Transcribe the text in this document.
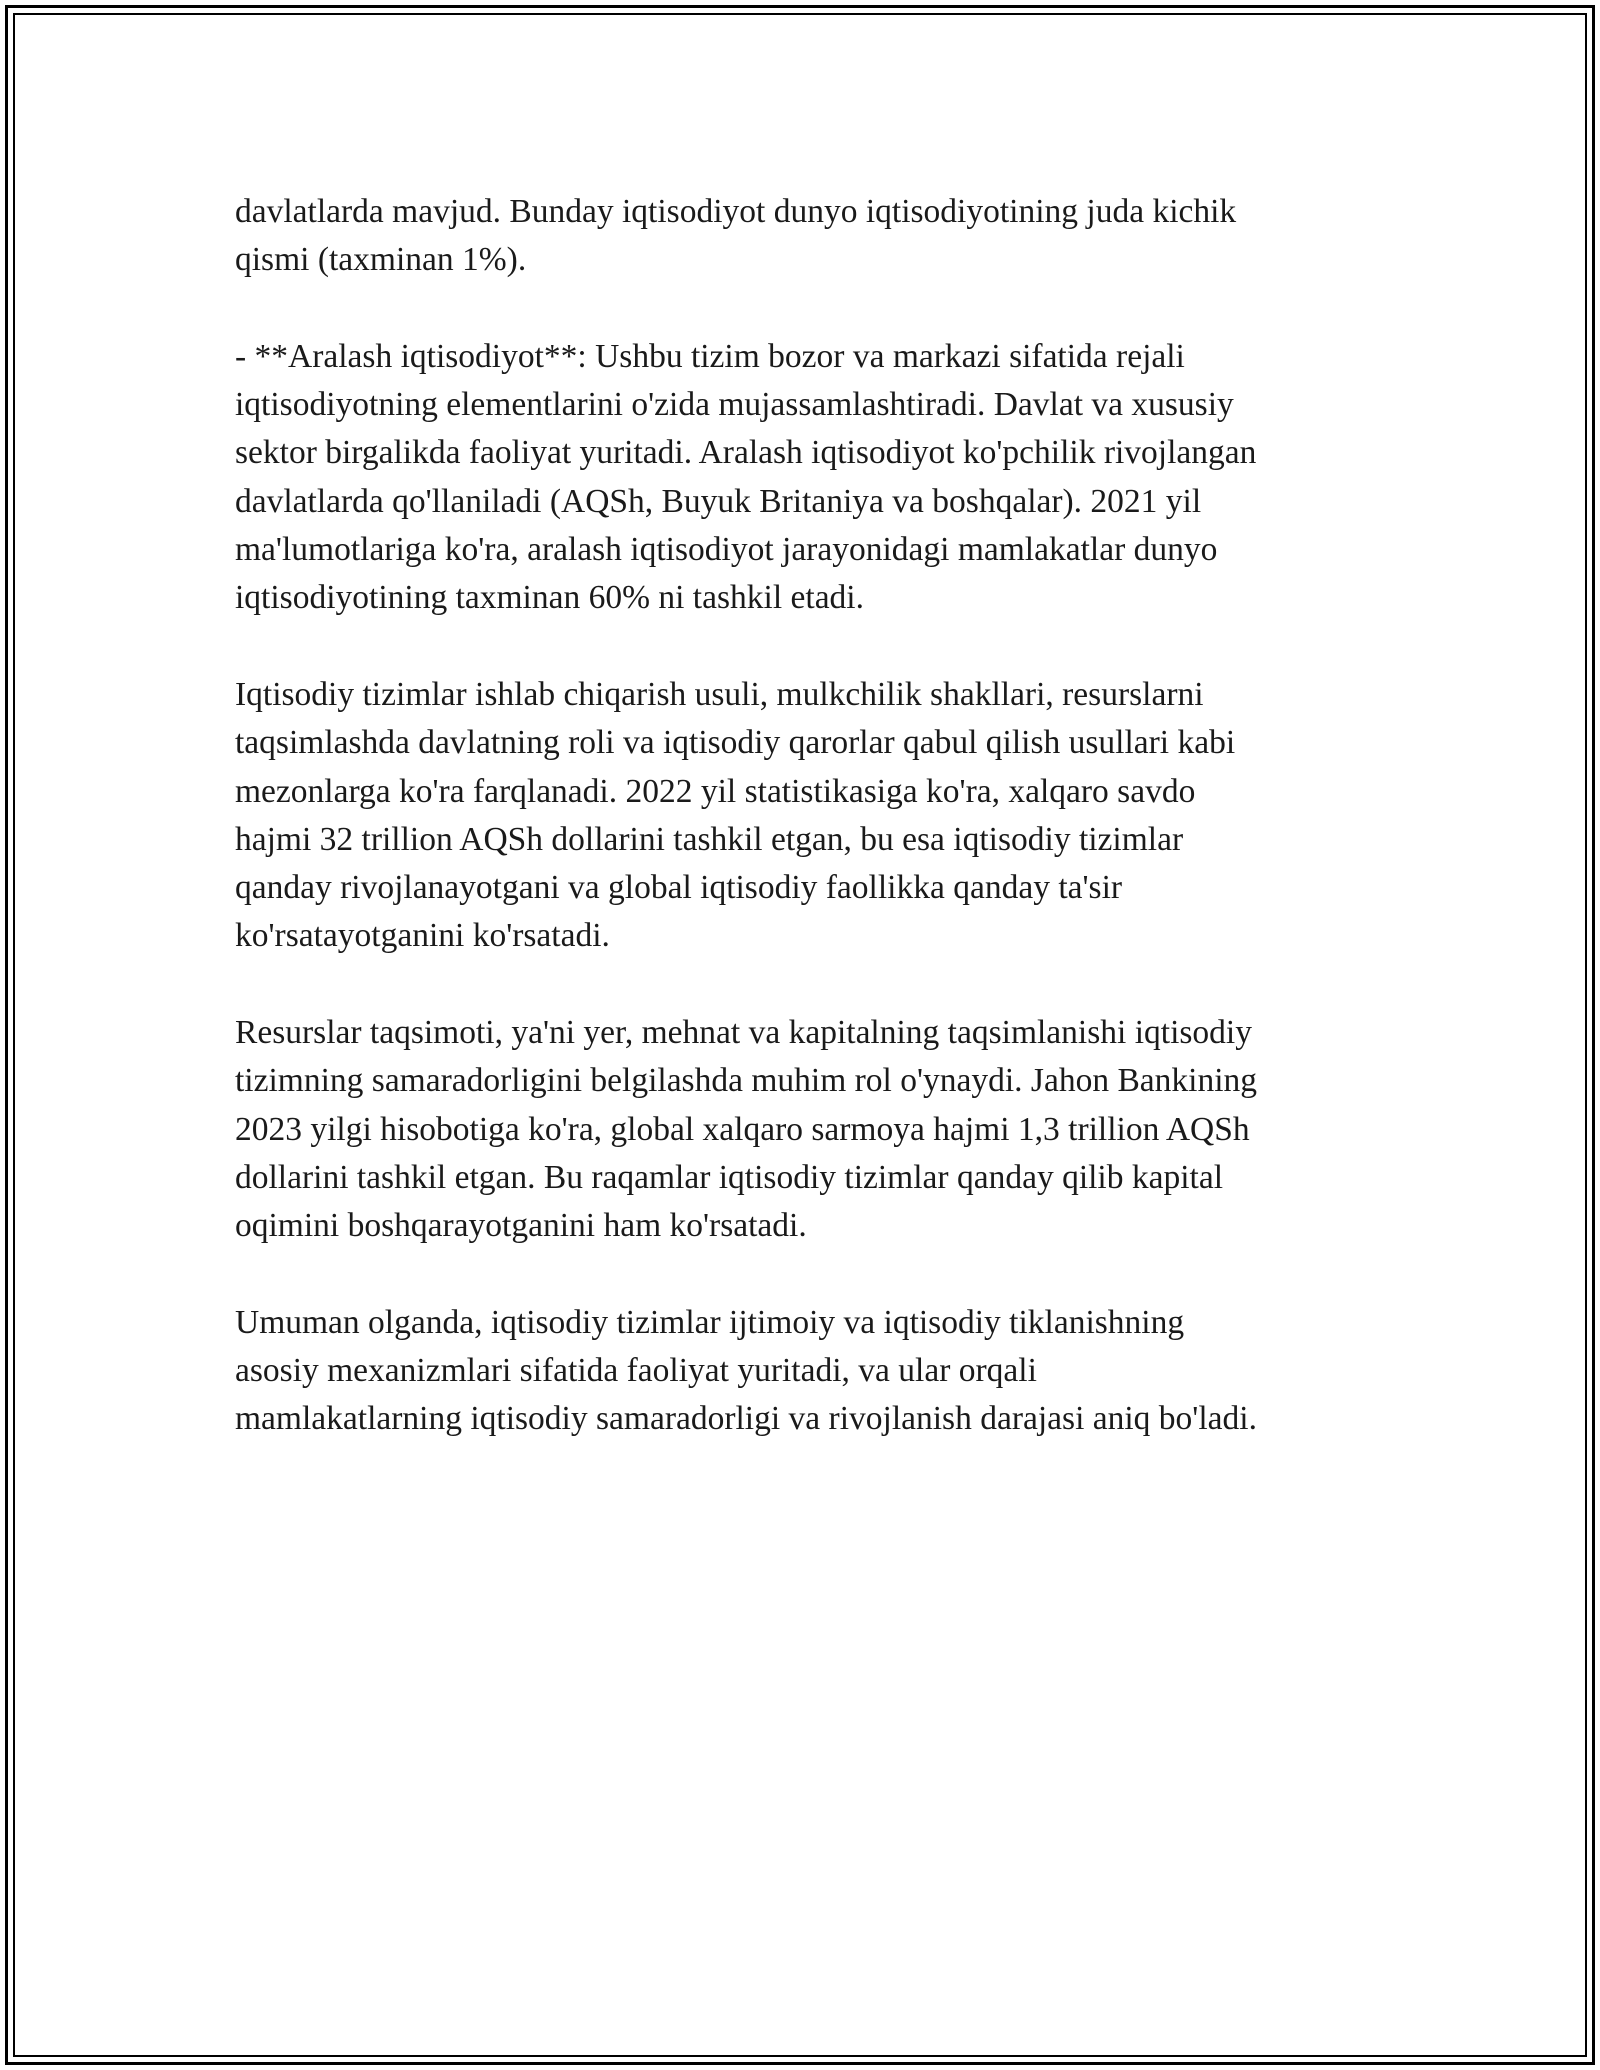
davlatlarda mavjud. Bunday iqtisodiyot dunyo iqtisodiyotining juda kichik
qismi (taxminan 1%).

- **Aralash iqtisodiyot**: Ushbu tizim bozor va markazi sifatida rejali
iqtisodiyotning elementlarini o'zida mujassamlashtiradi. Davlat va xususiy
sektor birgalikda faoliyat yuritadi. Aralash iqtisodiyot ko'pchilik rivojlangan
davlatlarda qo'llaniladi (AQSh, Buyuk Britaniya va boshqalar). 2021 yil
ma'lumotlariga ko'ra, aralash iqtisodiyot jarayonidagi mamlakatlar dunyo
iqtisodiyotining taxminan 60% ni tashkil etadi.

Iqtisodiy tizimlar ishlab chiqarish usuli, mulkchilik shakllari, resurslarni
taqsimlashda davlatning roli va iqtisodiy qarorlar qabul qilish usullari kabi
mezonlarga ko'ra farqlanadi. 2022 yil statistikasiga ko'ra, xalqaro savdo
hajmi 32 trillion AQSh dollarini tashkil etgan, bu esa iqtisodiy tizimlar
qanday rivojlanayotgani va global iqtisodiy faollikka qanday ta'sir
ko'rsatayotganini ko'rsatadi.

Resurslar taqsimoti, ya'ni yer, mehnat va kapitalning taqsimlanishi iqtisodiy
tizimning samaradorligini belgilashda muhim rol o'ynaydi. Jahon Bankining
2023 yilgi hisobotiga ko'ra, global xalqaro sarmoya hajmi 1,3 trillion AQSh
dollarini tashkil etgan. Bu raqamlar iqtisodiy tizimlar qanday qilib kapital
oqimini boshqarayotganini ham ko'rsatadi.

Umuman olganda, iqtisodiy tizimlar ijtimoiy va iqtisodiy tiklanishning
asosiy mexanizmlari sifatida faoliyat yuritadi, va ular orqali
mamlakatlarning iqtisodiy samaradorligi va rivojlanish darajasi aniq bo'ladi.
